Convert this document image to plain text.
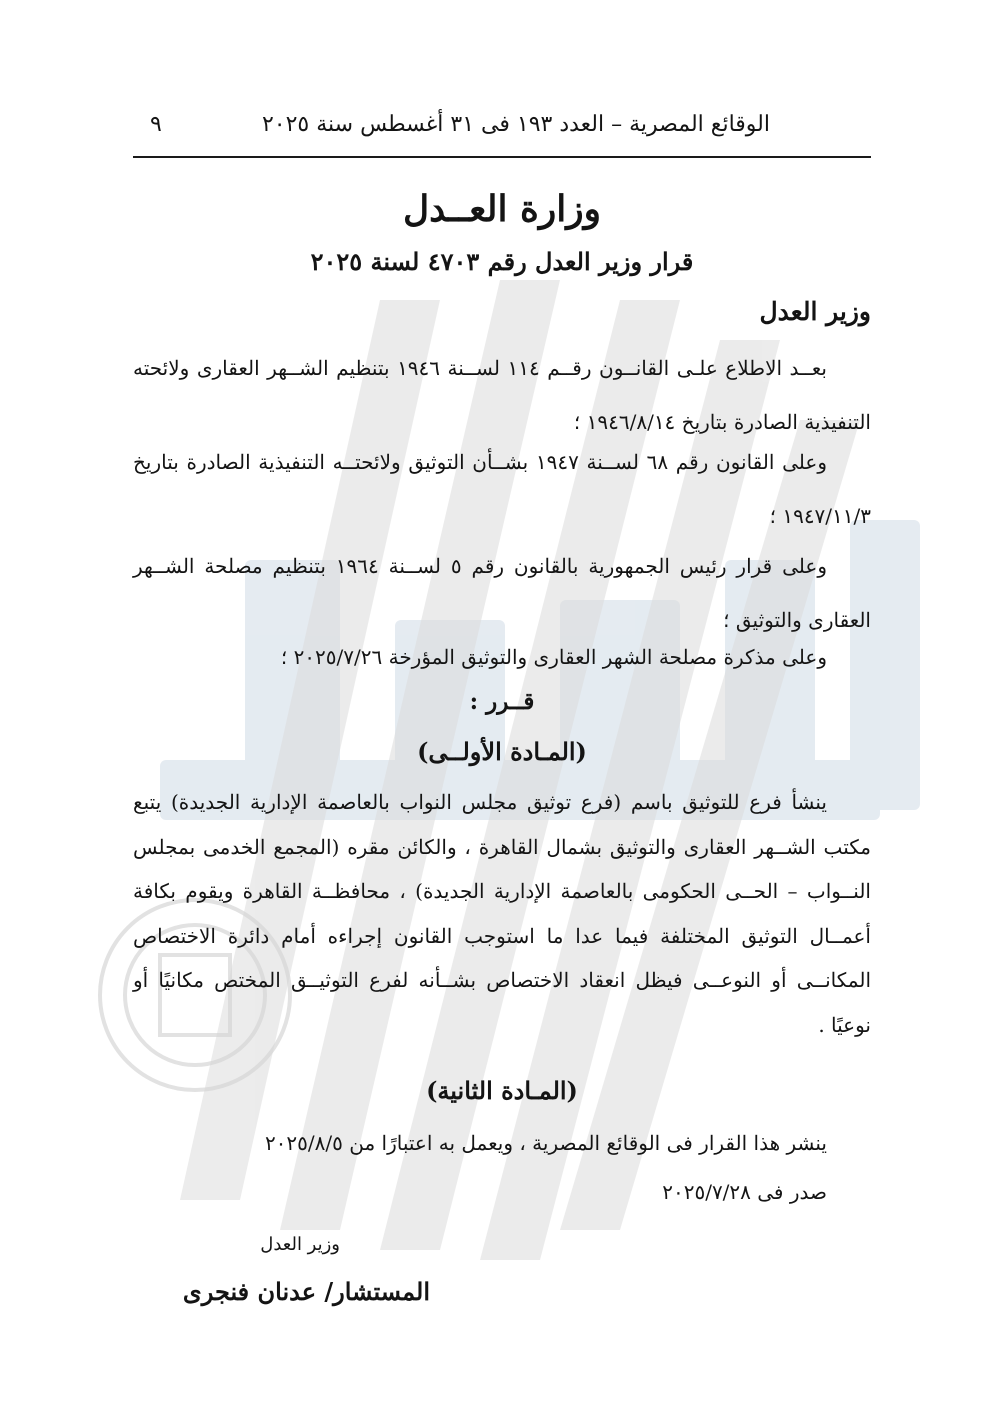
الوقائع المصرية – العدد ١٩٣ فى ٣١ أغسطس سنة ٢٠٢٥
٩
وزارة العــدل
قرار وزير العدل رقم ٤٧٠٣ لسنة ٢٠٢٥
وزير العدل
بعــد الاطلاع علـى القانــون رقــم ١١٤ لســنة ١٩٤٦ بتنظيم الشــهر العقارى ولائحته التنفيذية الصادرة بتاريخ ١٩٤٦/٨/١٤ ؛
وعلى القانون رقم ٦٨ لســنة ١٩٤٧ بشــأن التوثيق ولائحتــه التنفيذية الصادرة بتاريخ ١٩٤٧/١١/٣ ؛
وعلى قرار رئيس الجمهورية بالقانون رقم ٥ لســنة ١٩٦٤ بتنظيم مصلحة الشــهر العقارى والتوثيق ؛
وعلى مذكرة مصلحة الشهر العقارى والتوثيق المؤرخة ٢٠٢٥/٧/٢٦ ؛
قــرر :
(المـادة الأولــى)
ينشأ فرع للتوثيق باسم (فرع توثيق مجلس النواب بالعاصمة الإدارية الجديدة) يتبع مكتب الشــهر العقارى والتوثيق بشمال القاهرة ، والكائن مقره (المجمع الخدمى بمجلس النــواب – الحــى الحكومى بالعاصمة الإدارية الجديدة) ، محافظــة القاهرة ويقوم بكافة أعمــال التوثيق المختلفة فيما عدا ما استوجب القانون إجراءه أمام دائرة الاختصاص المكانــى أو النوعــى فيظل انعقاد الاختصاص بشــأنه لفرع التوثيــق المختص مكانيًا أو نوعيًا .
(المـادة الثانية)
ينشر هذا القرار فى الوقائع المصرية ، ويعمل به اعتبارًا من ٢٠٢٥/٨/٥
صدر فى ٢٠٢٥/٧/٢٨
وزير العدل
المستشار/ عدنان فنجرى
